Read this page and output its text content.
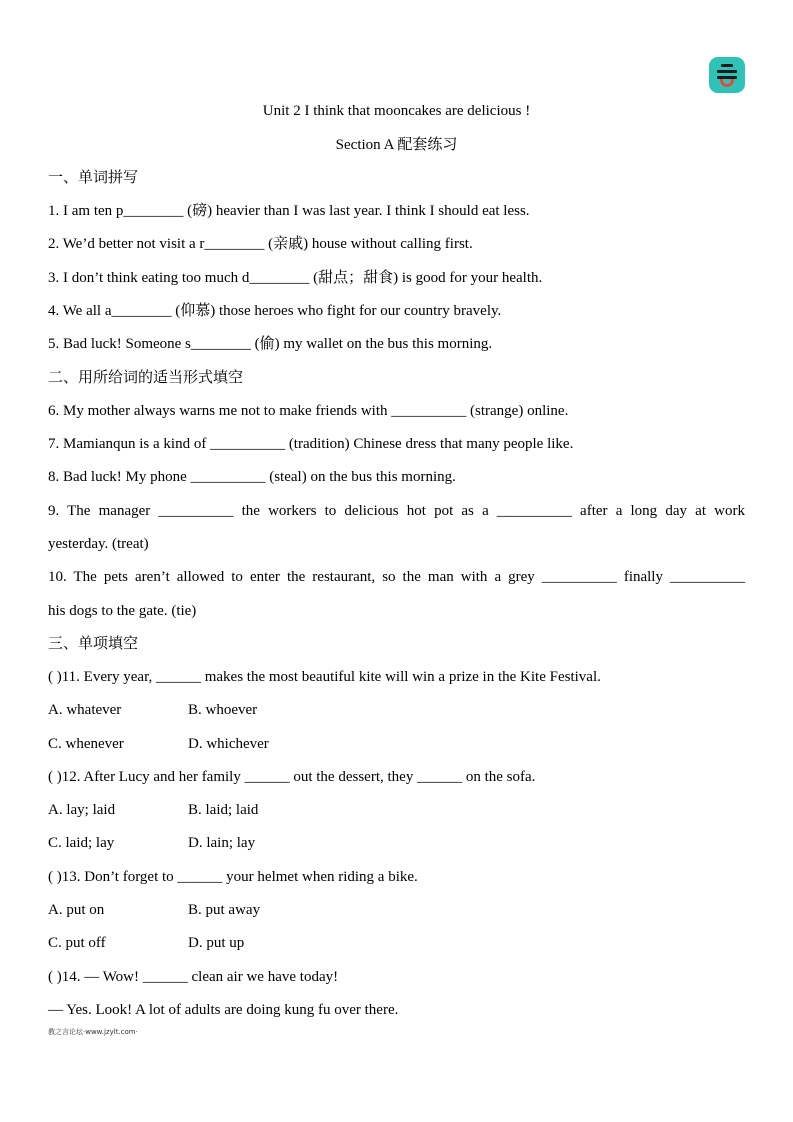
Unit 2 I think that mooncakes are delicious !
Section A 配套练习
一、单词拼写
1. I am ten p________ (磅) heavier than I was last year. I think I should eat less.
2. We’d better not visit a r________ (亲戚) house without calling first.
3. I don’t think eating too much d________ (甜点；甜食) is good for your health.
4. We all a________ (仰慕) those heroes who fight for our country bravely.
5. Bad luck! Someone s________ (偷) my wallet on the bus this morning.
二、用所给词的适当形式填空
6. My mother always warns me not to make friends with __________ (strange) online.
7. Mamianqun is a kind of __________ (tradition) Chinese dress that many people like.
8. Bad luck! My phone __________ (steal) on the bus this morning.
9. The manager __________ the workers to delicious hot pot as a __________ after a long day at work
yesterday. (treat)
10. The pets aren’t allowed to enter the restaurant, so the man with a grey __________ finally __________
his dogs to the gate. (tie)
三、单项填空
( )11. Every year, ______ makes the most beautiful kite will win a prize in the Kite Festival.
A. whatever	B. whoever
C. whenever	D. whichever
( )12. After Lucy and her family ______ out the dessert, they ______ on the sofa.
A. lay; laid	B. laid; laid
C. laid; lay	D. lain; lay
( )13. Don’t forget to ______ your helmet when riding a bike.
A. put on	B. put away
C. put off	D. put up
( )14. — Wow! ______ clean air we have today!
— Yes. Look! A lot of adults are doing kung fu over there.
教之言论坛·www.jzylt.com·
